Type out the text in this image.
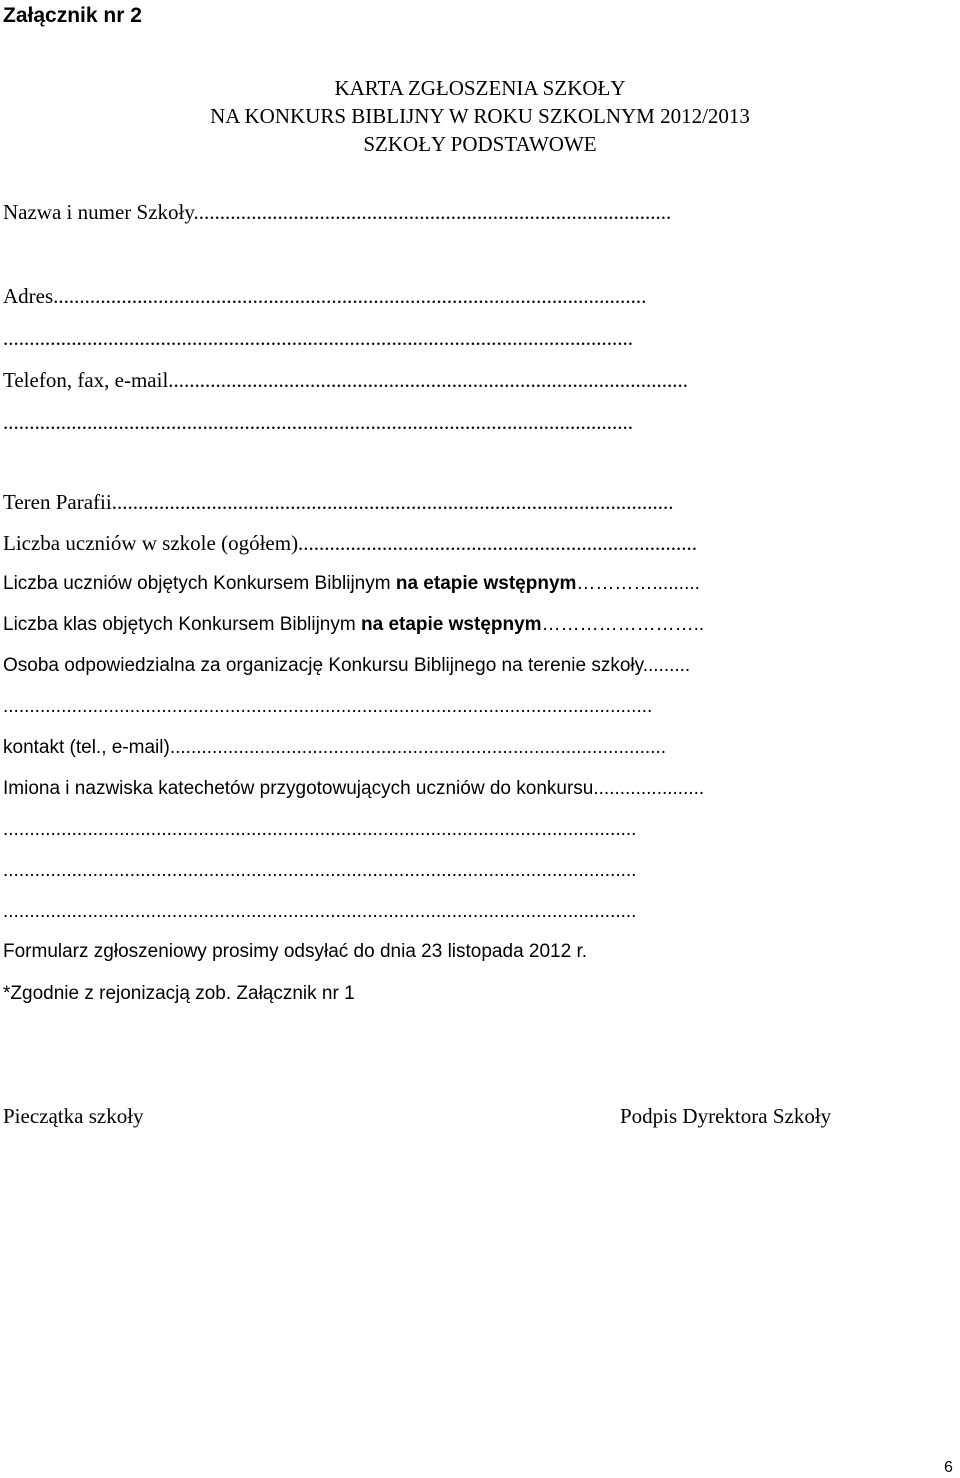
Załącznik nr 2
KARTA ZGŁOSZENIA SZKOŁY
NA KONKURS BIBLIJNY W ROKU SZKOLNYM 2012/2013
SZKOŁY PODSTAWOWE
Nazwa i numer Szkoły...........................................................................................
Adres.................................................................................................................
........................................................................................................................
Telefon, fax, e-mail...................................................................................................
........................................................................................................................
Teren Parafii...........................................................................................................
Liczba uczniów w szkole (ogółem)............................................................................
Liczba uczniów objętych Konkursem Biblijnym na etapie wstępnym………….........
Liczba klas objętych Konkursem Biblijnym na etapie wstępnym……………………..
Osoba odpowiedzialna za organizację Konkursu Biblijnego na terenie szkoły.........
...........................................................................................................................
kontakt (tel., e-mail)..............................................................................................
Imiona i nazwiska katechetów przygotowujących uczniów do konkursu.....................
........................................................................................................................
........................................................................................................................
........................................................................................................................
Formularz zgłoszeniowy prosimy odsyłać do dnia 23 listopada 2012 r.
*Zgodnie z rejonizacją zob. Załącznik nr 1
Pieczątka szkoły	Podpis Dyrektora Szkoły
6
